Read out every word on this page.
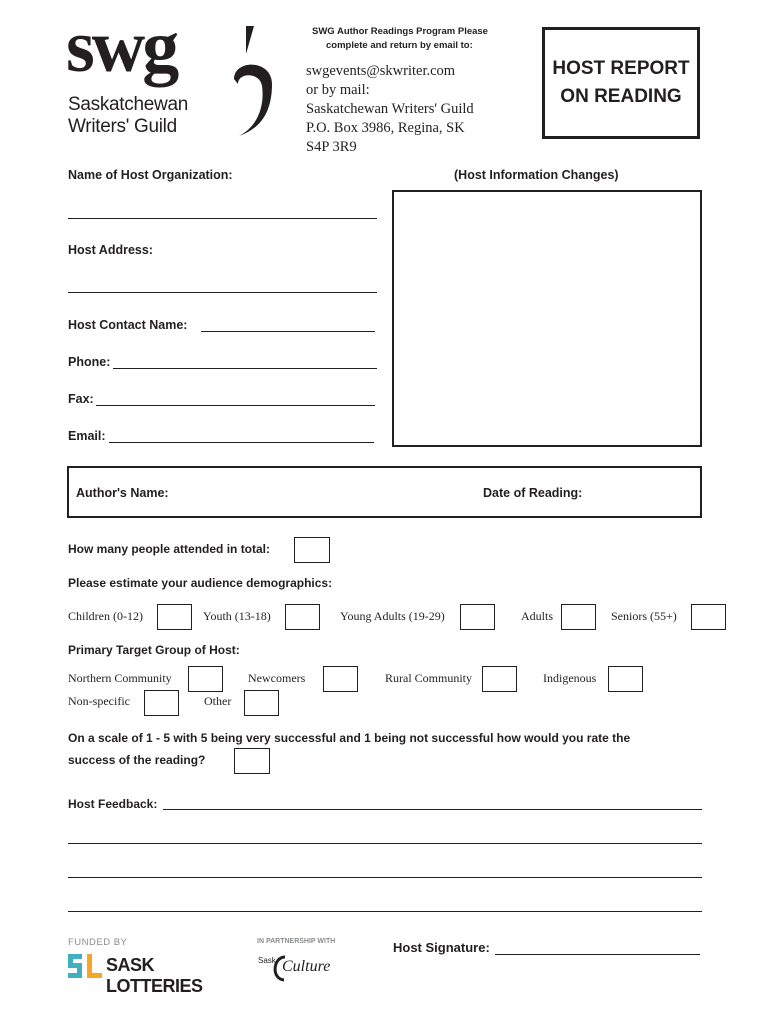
swg
Saskatchewan
Writers' Guild
SWG Author Readings Program Please
complete and return by email to:
swgevents@skwriter.com
or by mail:
Saskatchewan Writers' Guild
P.O. Box 3986, Regina, SK
S4P 3R9
HOST REPORT
ON READING
Name of Host Organization:	(Host Information Changes)
Host Address:
Host Contact Name:
Phone:
Fax:
Email:
Author's Name:	Date of Reading:
How many people attended in total:
Please estimate your audience demographics:
Children (0-12)	Youth (13-18)	Young Adults (19-29)	Adults	Seniors (55+)
Primary Target Group of Host:
Northern Community	Newcomers	Rural Community	Indigenous
Non-specific	Other
On a scale of 1 - 5 with 5 being very successful and 1 being not successful how would you rate the
success of the reading?
Host Feedback:
Host Signature:
FUNDED BY
SASK LOTTERIES
IN PARTNERSHIP WITH
Sask Culture
